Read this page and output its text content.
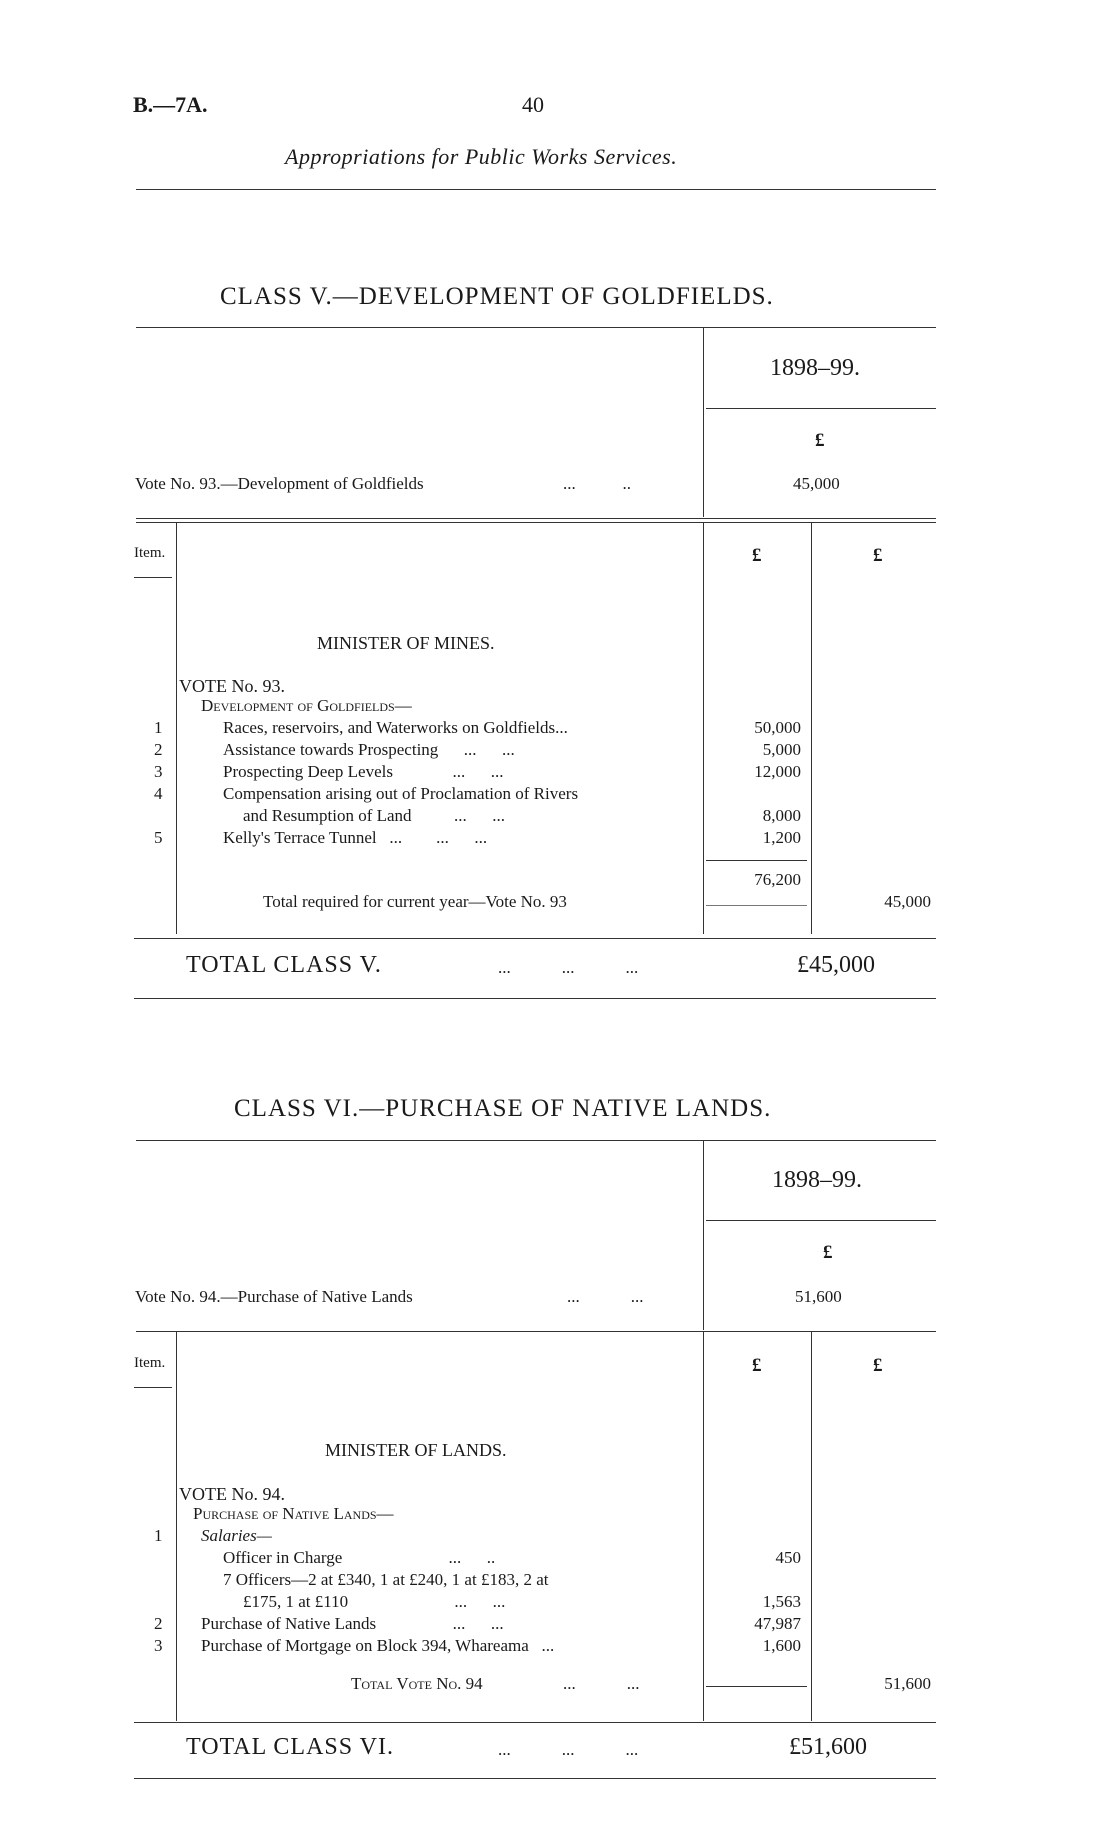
B.—7A.	40
Appropriations for Public Works Services.
CLASS V.—DEVELOPMENT OF GOLDFIELDS.
1898–99.
£
Vote No. 93.—Development of Goldfields	...           ..	45,000
Item.	£	£
MINISTER OF MINES.
VOTE No. 93.
Development of Goldfields—
1	Races, reservoirs, and Waterworks on Goldfields...	50,000
2	Assistance towards Prospecting      ...      ...	5,000
3	Prospecting Deep Levels              ...      ...	12,000
4	Compensation arising out of Proclamation of Rivers
and Resumption of Land          ...      ...	8,000
5	Kelly's Terrace Tunnel   ...        ...      ...	1,200
76,200
Total required for current year—Vote No. 93	45,000
TOTAL CLASS V.	...            ...            ...	£45,000
CLASS VI.—PURCHASE OF NATIVE LANDS.
1898–99.
£
Vote No. 94.—Purchase of Native Lands	...            ...	51,600
Item.	£	£
MINISTER OF LANDS.
VOTE No. 94.
Purchase of Native Lands—
Salaries—
1
Officer in Charge                         ...      ..	450
7 Officers—2 at £340, 1 at £240, 1 at £183, 2 at
£175, 1 at £110                         ...      ...	1,563
2 Purchase of Native Lands                  ...      ...	47,987
3 Purchase of Mortgage on Block 394, Whareama   ...	1,600
Total Vote No. 94	...            ...	51,600
TOTAL CLASS VI.	...            ...            ...	£51,600
